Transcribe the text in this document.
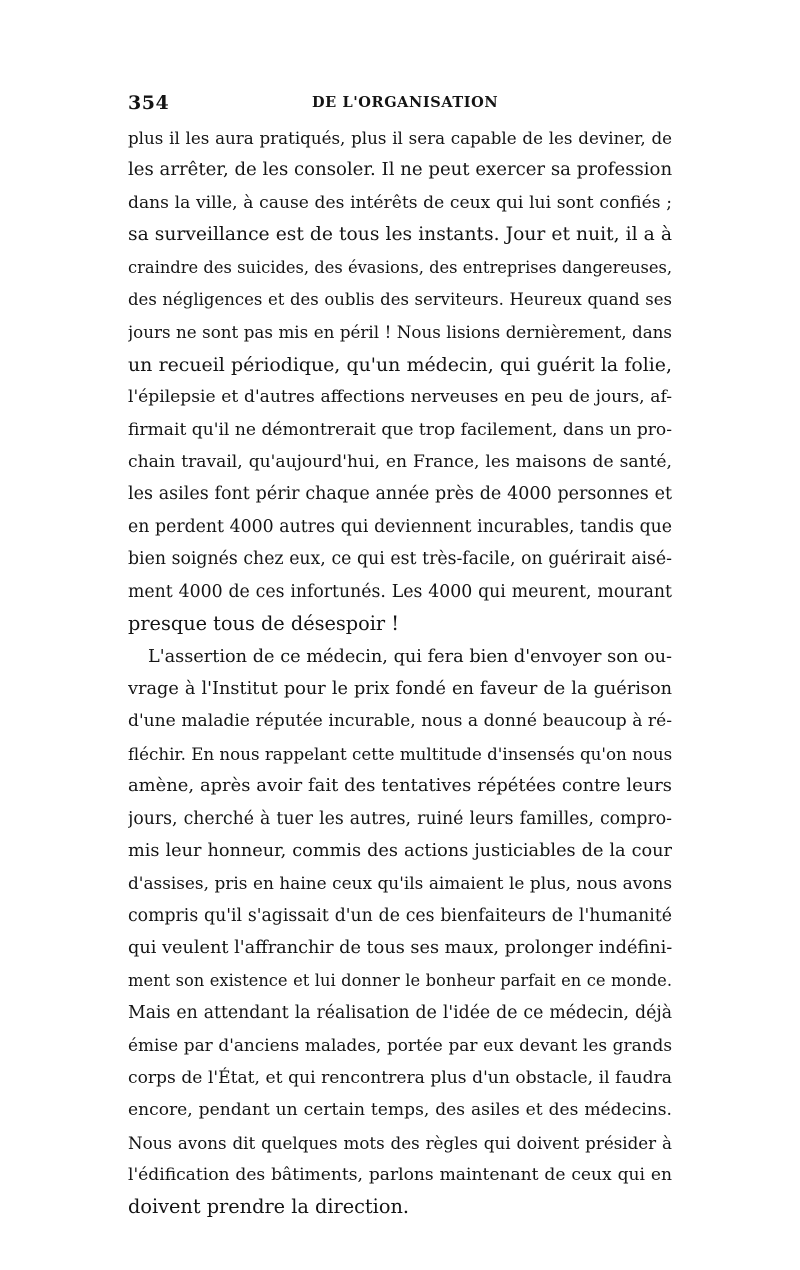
354	DE L'ORGANISATION
plus il les aura pratiqués, plus il sera capable de les deviner, de
les arrêter, de les consoler. Il ne peut exercer sa profession
dans la ville, à cause des intérêts de ceux qui lui sont confiés ;
sa surveillance est de tous les instants. Jour et nuit, il a à
craindre des suicides, des évasions, des entreprises dangereuses,
des négligences et des oublis des serviteurs. Heureux quand ses
jours ne sont pas mis en péril ! Nous lisions dernièrement, dans
un recueil périodique, qu'un médecin, qui guérit la folie,
l'épilepsie et d'autres affections nerveuses en peu de jours, af-
firmait qu'il ne démontrerait que trop facilement, dans un pro-
chain travail, qu'aujourd'hui, en France, les maisons de santé,
les asiles font périr chaque année près de 4000 personnes et
en perdent 4000 autres qui deviennent incurables, tandis que
bien soignés chez eux, ce qui est très-facile, on guérirait aisé-
ment 4000 de ces infortunés. Les 4000 qui meurent, mourant
presque tous de désespoir !
L'assertion de ce médecin, qui fera bien d'envoyer son ou-
vrage à l'Institut pour le prix fondé en faveur de la guérison
d'une maladie réputée incurable, nous a donné beaucoup à ré-
fléchir. En nous rappelant cette multitude d'insensés qu'on nous
amène, après avoir fait des tentatives répétées contre leurs
jours, cherché à tuer les autres, ruiné leurs familles, compro-
mis leur honneur, commis des actions justiciables de la cour
d'assises, pris en haine ceux qu'ils aimaient le plus, nous avons
compris qu'il s'agissait d'un de ces bienfaiteurs de l'humanité
qui veulent l'affranchir de tous ses maux, prolonger indéfini-
ment son existence et lui donner le bonheur parfait en ce monde.
Mais en attendant la réalisation de l'idée de ce médecin, déjà
émise par d'anciens malades, portée par eux devant les grands
corps de l'État, et qui rencontrera plus d'un obstacle, il faudra
encore, pendant un certain temps, des asiles et des médecins.
Nous avons dit quelques mots des règles qui doivent présider à
l'édification des bâtiments, parlons maintenant de ceux qui en
doivent prendre la direction.
